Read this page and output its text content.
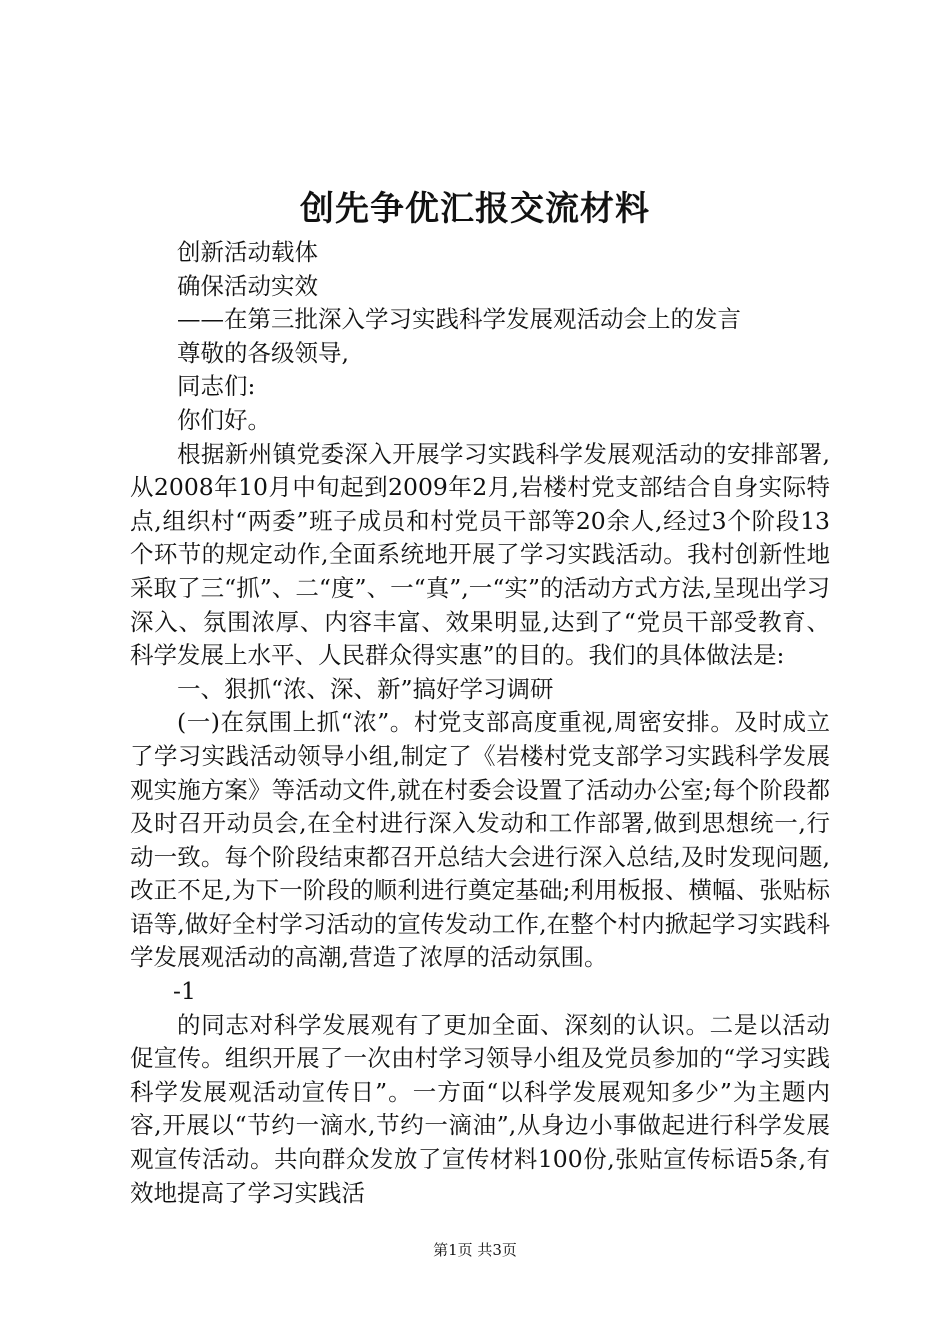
创先争优汇报交流材料
创新活动载体
确保活动实效
——在第三批深入学习实践科学发展观活动会上的发言
尊敬的各级领导,
同志们:
你们好。
根据新州镇党委深入开展学习实践科学发展观活动的安排部署,从2008年10月中旬起到2009年2月,岩楼村党支部结合自身实际特点,组织村“两委”班子成员和村党员干部等20余人,经过3个阶段13个环节的规定动作,全面系统地开展了学习实践活动。我村创新性地采取了三“抓”、二“度”、一“真”,一“实”的活动方式方法,呈现出学习深入、氛围浓厚、内容丰富、效果明显,达到了“党员干部受教育、科学发展上水平、人民群众得实惠”的目的。我们的具体做法是:
一、狠抓“浓、深、新”搞好学习调研
(一)在氛围上抓“浓”。村党支部高度重视,周密安排。及时成立了学习实践活动领导小组,制定了《岩楼村党支部学习实践科学发展观实施方案》等活动文件,就在村委会设置了活动办公室;每个阶段都及时召开动员会,在全村进行深入发动和工作部署,做到思想统一,行动一致。每个阶段结束都召开总结大会进行深入总结,及时发现问题,改正不足,为下一阶段的顺利进行奠定基础;利用板报、横幅、张贴标语等,做好全村学习活动的宣传发动工作,在整个村内掀起学习实践科学发展观活动的高潮,营造了浓厚的活动氛围。
-1
的同志对科学发展观有了更加全面、深刻的认识。二是以活动促宣传。组织开展了一次由村学习领导小组及党员参加的“学习实践科学发展观活动宣传日”。一方面“以科学发展观知多少”为主题内容,开展以“节约一滴水,节约一滴油”,从身边小事做起进行科学发展观宣传活动。共向群众发放了宣传材料100份,张贴宣传标语5条,有效地提高了学习实践活
第1页 共3页
